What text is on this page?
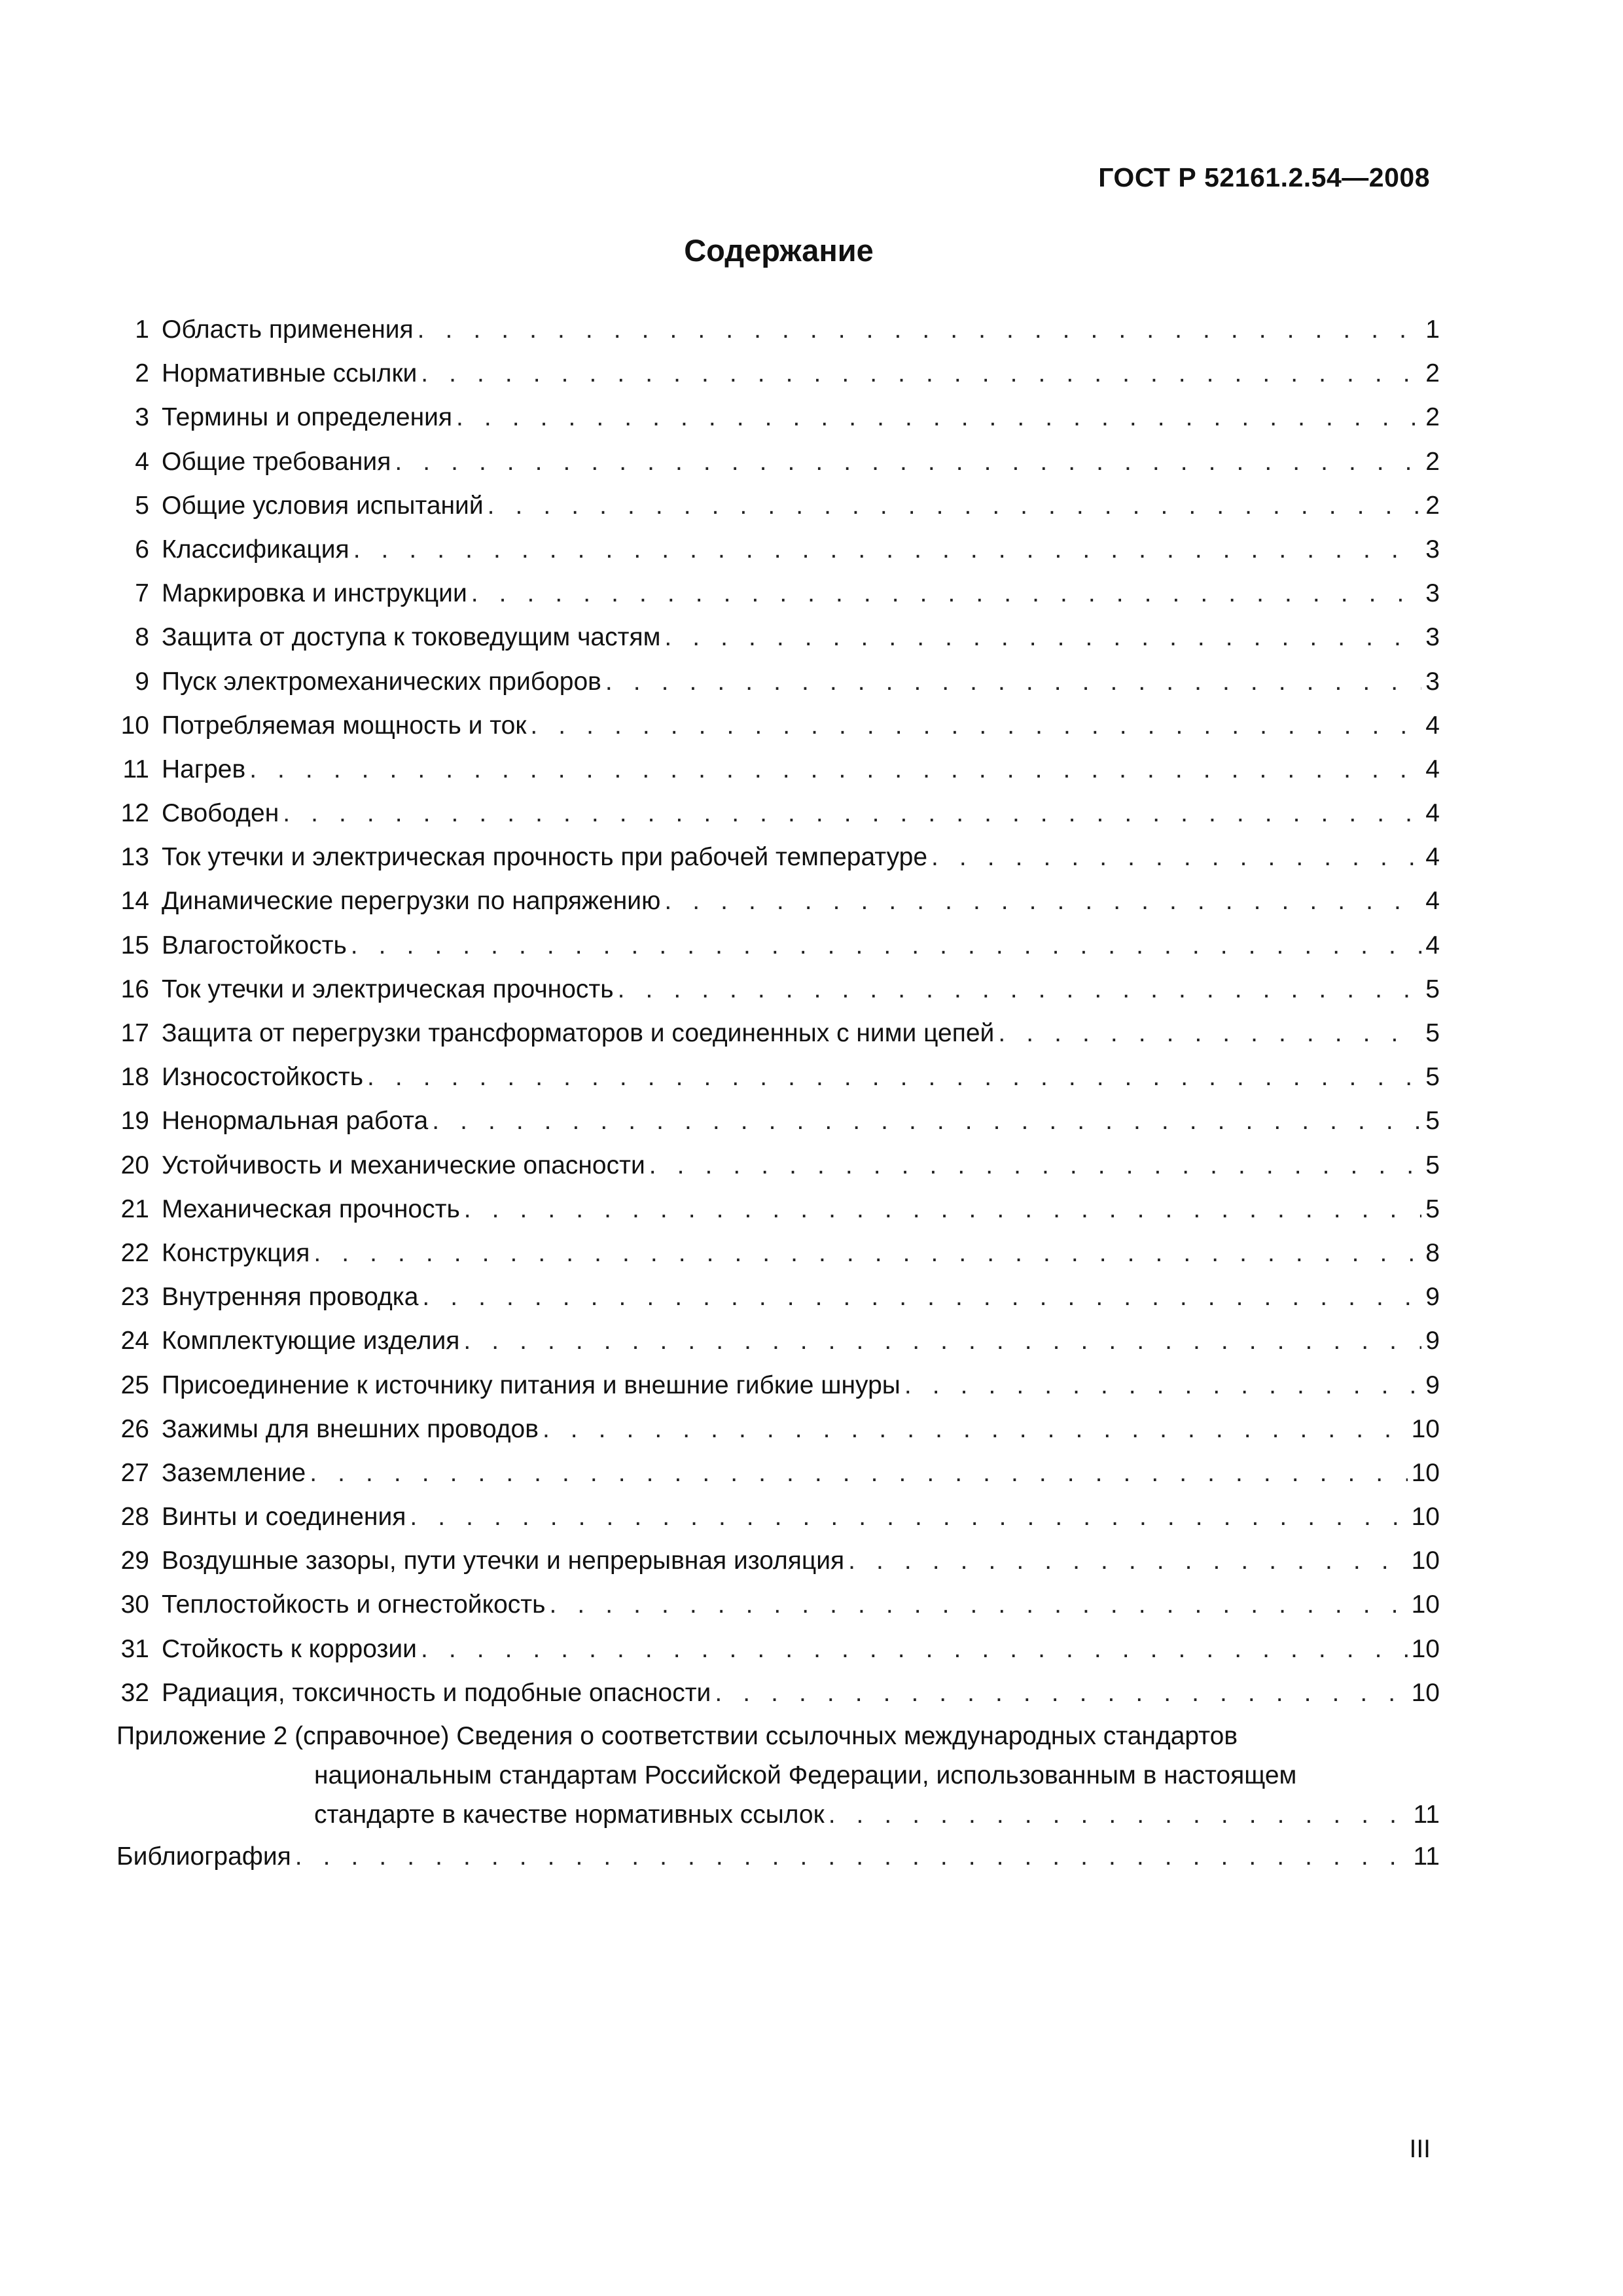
ГОСТ Р 52161.2.54—2008
Содержание
1 Область применения . . .	1
2 Нормативные ссылки . . .	2
3 Термины и определения . . .	2
4 Общие требования . . .	2
5 Общие условия испытаний . . .	2
6 Классификация . . .	3
7 Маркировка и инструкции . . .	3
8 Защита от доступа к токоведущим частям . . .	3
9 Пуск электромеханических приборов . . .	3
10 Потребляемая мощность и ток . . .	4
11 Нагрев . . .	4
12 Свободен . . .	4
13 Ток утечки и электрическая прочность при рабочей температуре . . .	4
14 Динамические перегрузки по напряжению . . .	4
15 Влагостойкость . . .	4
16 Ток утечки и электрическая прочность . . .	5
17 Защита от перегрузки трансформаторов и соединенных с ними цепей . . .	5
18 Износостойкость . . .	5
19 Ненормальная работа . . .	5
20 Устойчивость и механические опасности . . .	5
21 Механическая прочность . . .	5
22 Конструкция . . .	8
23 Внутренняя проводка . . .	9
24 Комплектующие изделия . . .	9
25 Присоединение к источнику питания и внешние гибкие шнуры . . .	9
26 Зажимы для внешних проводов . . .	10
27 Заземление . . .	10
28 Винты и соединения . . .	10
29 Воздушные зазоры, пути утечки и непрерывная изоляция . . .	10
30 Теплостойкость и огнестойкость . . .	10
31 Стойкость к коррозии . . .	10
32 Радиация, токсичность и подобные опасности . . .	10
Приложение 2 (справочное) Сведения о соответствии ссылочных международных стандартов
национальным стандартам Российской Федерации, использованным в настоящем
стандарте в качестве нормативных ссылок . . .	11
Библиография . . .	11
III
